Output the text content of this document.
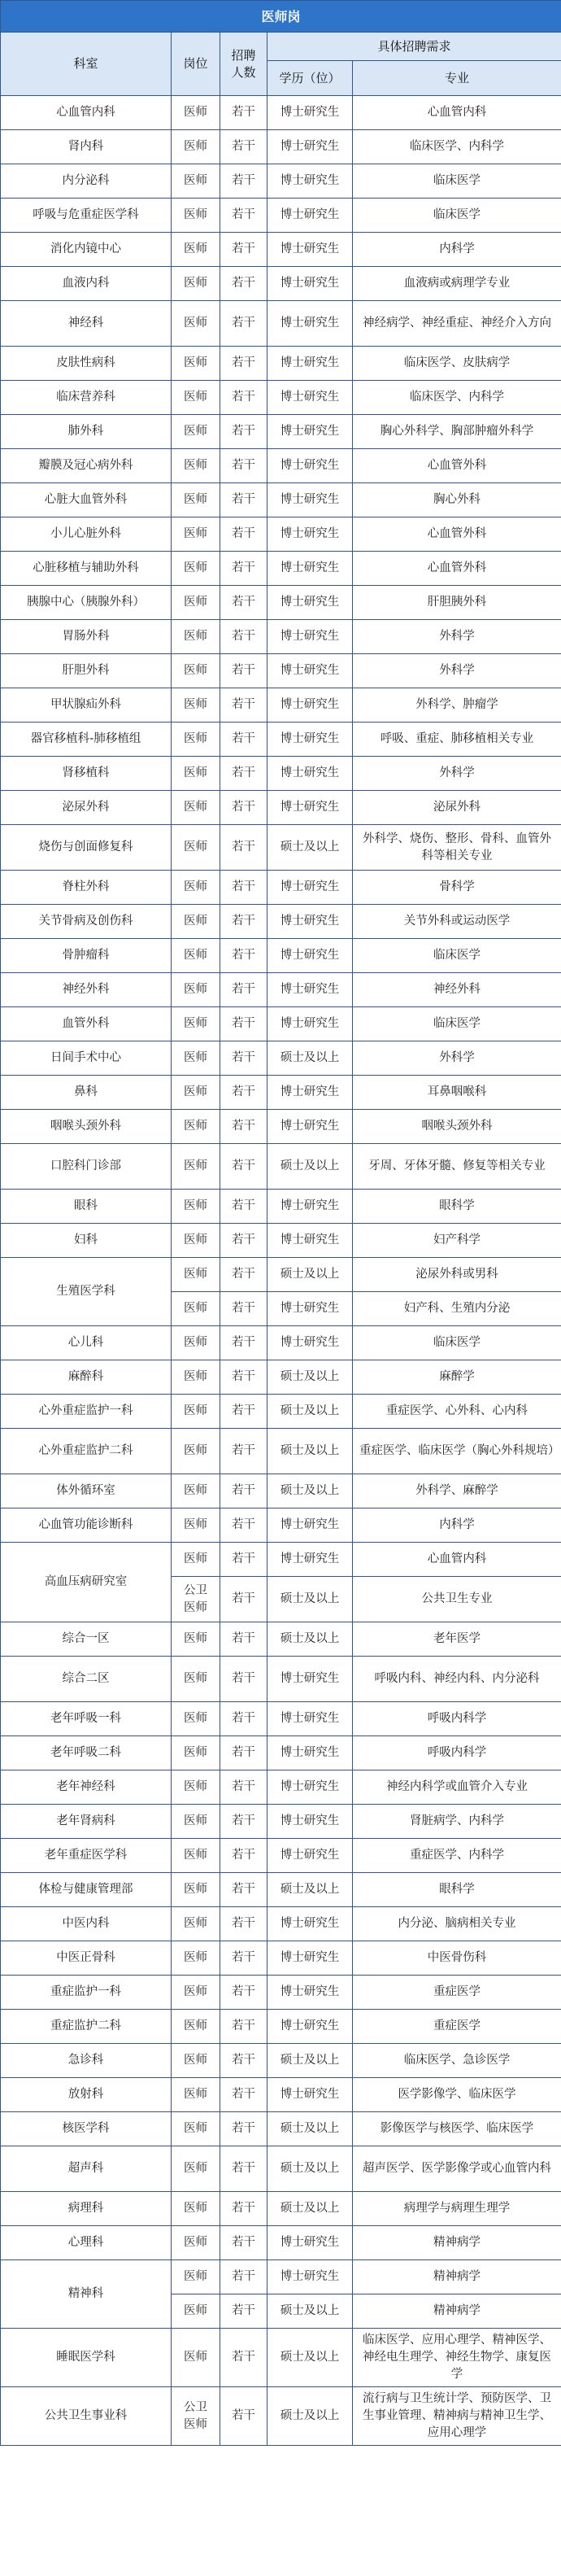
医师岗				
科室	岗位	招聘人数	具体招聘需求	
			学历（位）	专业
心血管内科	医师	若干	博士研究生	心血管内科
肾内科	医师	若干	博士研究生	临床医学、内科学
内分泌科	医师	若干	博士研究生	临床医学
呼吸与危重症医学科	医师	若干	博士研究生	临床医学
消化内镜中心	医师	若干	博士研究生	内科学
血液内科	医师	若干	博士研究生	血液病或病理学专业
神经科	医师	若干	博士研究生	神经病学、神经重症、神经介入方向
皮肤性病科	医师	若干	博士研究生	临床医学、皮肤病学
临床营养科	医师	若干	博士研究生	临床医学、内科学
肺外科	医师	若干	博士研究生	胸心外科学、胸部肿瘤外科学
瓣膜及冠心病外科	医师	若干	博士研究生	心血管外科
心脏大血管外科	医师	若干	博士研究生	胸心外科
小儿心脏外科	医师	若干	博士研究生	心血管外科
心脏移植与辅助外科	医师	若干	博士研究生	心血管外科
胰腺中心（胰腺外科）	医师	若干	博士研究生	肝胆胰外科
胃肠外科	医师	若干	博士研究生	外科学
肝胆外科	医师	若干	博士研究生	外科学
甲状腺疝外科	医师	若干	博士研究生	外科学、肿瘤学
器官移植科-肺移植组	医师	若干	博士研究生	呼吸、重症、肺移植相关专业
肾移植科	医师	若干	博士研究生	外科学
泌尿外科	医师	若干	博士研究生	泌尿外科
烧伤与创面修复科	医师	若干	硕士及以上	外科学、烧伤、整形、骨科、血管外科等相关专业
脊柱外科	医师	若干	博士研究生	骨科学
关节骨病及创伤科	医师	若干	博士研究生	关节外科或运动医学
骨肿瘤科	医师	若干	博士研究生	临床医学
神经外科	医师	若干	博士研究生	神经外科
血管外科	医师	若干	博士研究生	临床医学
日间手术中心	医师	若干	硕士及以上	外科学
鼻科	医师	若干	博士研究生	耳鼻咽喉科
咽喉头颈外科	医师	若干	博士研究生	咽喉头颈外科
口腔科门诊部	医师	若干	硕士及以上	牙周、牙体牙髓、修复等相关专业
眼科	医师	若干	博士研究生	眼科学
妇科	医师	若干	博士研究生	妇产科学
生殖医学科	医师	若干	硕士及以上	泌尿外科或男科
	医师	若干	博士研究生	妇产科、生殖内分泌
心儿科	医师	若干	博士研究生	临床医学
麻醉科	医师	若干	硕士及以上	麻醉学
心外重症监护一科	医师	若干	硕士及以上	重症医学、心外科、心内科
心外重症监护二科	医师	若干	硕士及以上	重症医学、临床医学（胸心外科规培）
体外循环室	医师	若干	硕士及以上	外科学、麻醉学
心血管功能诊断科	医师	若干	博士研究生	内科学
高血压病研究室	医师	若干	博士研究生	心血管内科
	公卫医师	若干	硕士及以上	公共卫生专业
综合一区	医师	若干	硕士及以上	老年医学
综合二区	医师	若干	博士研究生	呼吸内科、神经内科、内分泌科
老年呼吸一科	医师	若干	博士研究生	呼吸内科学
老年呼吸二科	医师	若干	博士研究生	呼吸内科学
老年神经科	医师	若干	博士研究生	神经内科学或血管介入专业
老年肾病科	医师	若干	博士研究生	肾脏病学、内科学
老年重症医学科	医师	若干	博士研究生	重症医学、内科学
体检与健康管理部	医师	若干	硕士及以上	眼科学
中医内科	医师	若干	博士研究生	内分泌、脑病相关专业
中医正骨科	医师	若干	博士研究生	中医骨伤科
重症监护一科	医师	若干	博士研究生	重症医学
重症监护二科	医师	若干	博士研究生	重症医学
急诊科	医师	若干	硕士及以上	临床医学、急诊医学
放射科	医师	若干	博士研究生	医学影像学、临床医学
核医学科	医师	若干	硕士及以上	影像医学与核医学、临床医学
超声科	医师	若干	硕士及以上	超声医学、医学影像学或心血管内科
病理科	医师	若干	硕士及以上	病理学与病理生理学
心理科	医师	若干	博士研究生	精神病学
精神科	医师	若干	博士研究生	精神病学
	医师	若干	硕士及以上	精神病学
睡眠医学科	医师	若干	硕士及以上	临床医学、应用心理学、精神医学、神经电生理学、神经生物学、康复医学
公共卫生事业科	公卫医师	若干	硕士及以上	流行病与卫生统计学、预防医学、卫生事业管理、精神病与精神卫生学、应用心理学
